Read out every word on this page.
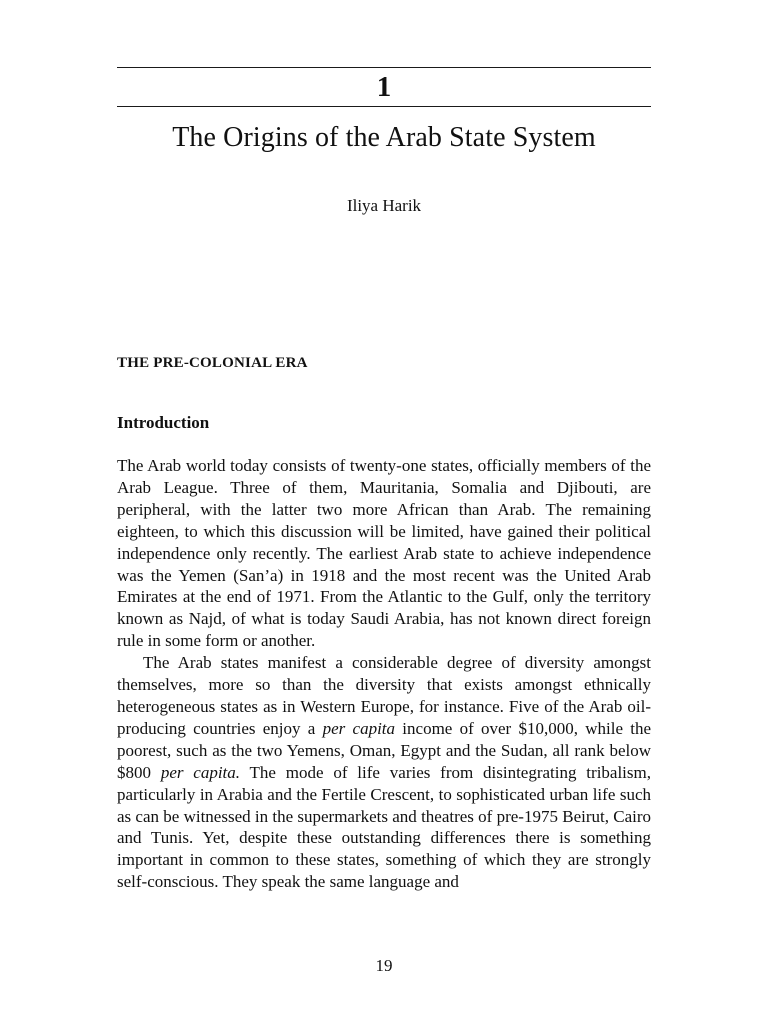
1
The Origins of the Arab State System
Iliya Harik
THE PRE-COLONIAL ERA
Introduction

The Arab world today consists of twenty-one states, officially members of the Arab League. Three of them, Mauritania, Somalia and Djibouti, are peripheral, with the latter two more African than Arab. The remaining eighteen, to which this discussion will be limited, have gained their political independence only recently. The earliest Arab state to achieve independence was the Yemen (San’a) in 1918 and the most recent was the United Arab Emirates at the end of 1971. From the Atlantic to the Gulf, only the territory known as Najd, of what is today Saudi Arabia, has not known direct foreign rule in some form or another.

The Arab states manifest a considerable degree of diversity amongst themselves, more so than the diversity that exists amongst ethnically heterogeneous states as in Western Europe, for instance. Five of the Arab oil-producing countries enjoy a per capita income of over $10,000, while the poorest, such as the two Yemens, Oman, Egypt and the Sudan, all rank below $800 per capita. The mode of life varies from disintegrating tribalism, particularly in Arabia and the Fertile Crescent, to sophisticated urban life such as can be witnessed in the supermarkets and theatres of pre-1975 Beirut, Cairo and Tunis. Yet, despite these outstanding differences there is something important in common to these states, something of which they are strongly self-conscious. They speak the same language and

19
